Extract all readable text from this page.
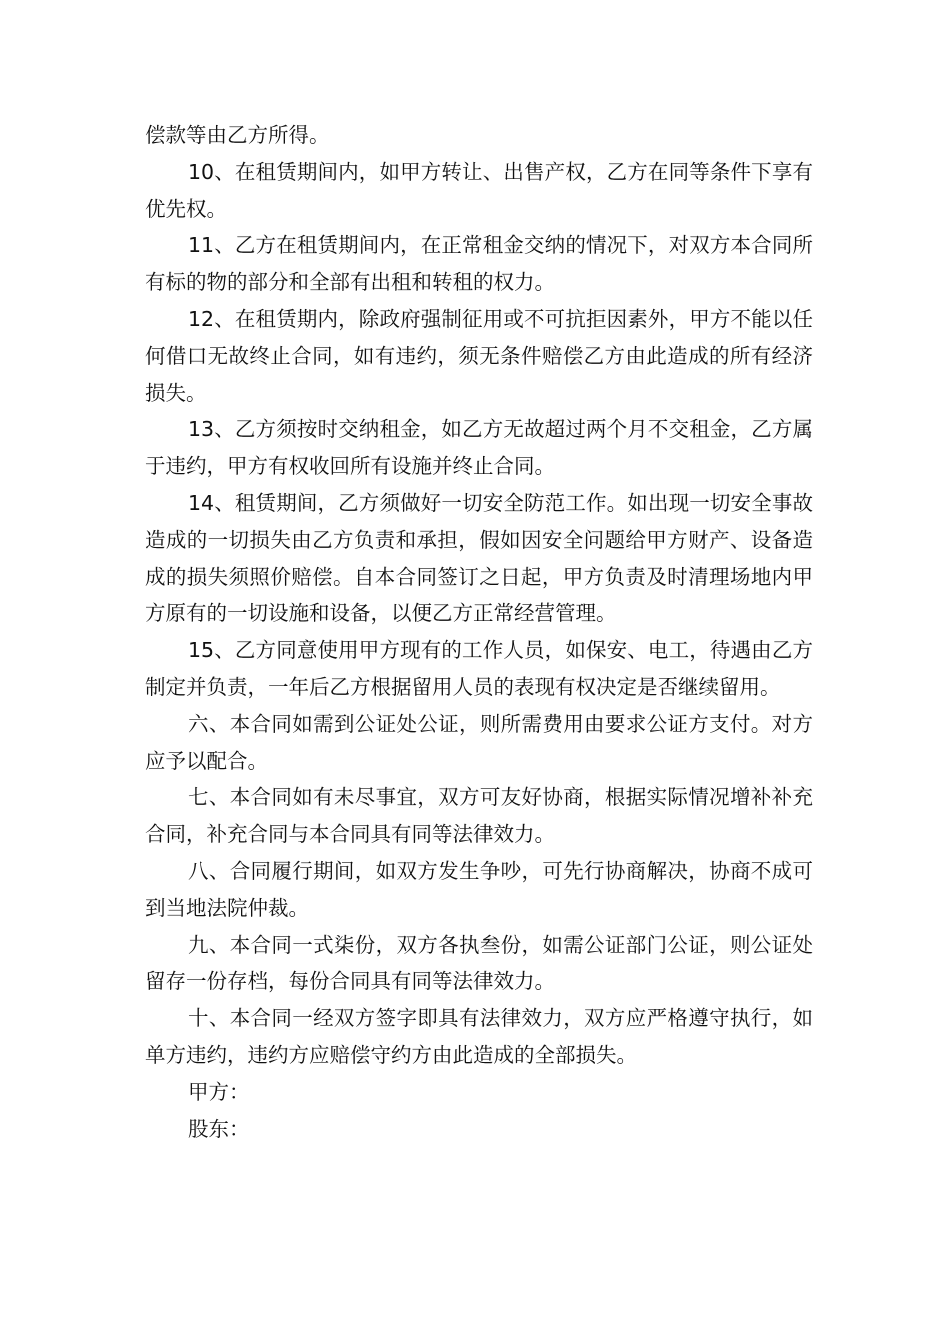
偿款等由乙方所得。

10、在租赁期间内，如甲方转让、出售产权，乙方在同等条件下享有优先权。

11、乙方在租赁期间内，在正常租金交纳的情况下，对双方本合同所有标的物的部分和全部有出租和转租的权力。

12、在租赁期内，除政府强制征用或不可抗拒因素外，甲方不能以任何借口无故终止合同，如有违约，须无条件赔偿乙方由此造成的所有经济损失。

13、乙方须按时交纳租金，如乙方无故超过两个月不交租金，乙方属于违约，甲方有权收回所有设施并终止合同。

14、租赁期间，乙方须做好一切安全防范工作。如出现一切安全事故造成的一切损失由乙方负责和承担，假如因安全问题给甲方财产、设备造成的损失须照价赔偿。自本合同签订之日起，甲方负责及时清理场地内甲方原有的一切设施和设备，以便乙方正常经营管理。

15、乙方同意使用甲方现有的工作人员，如保安、电工，待遇由乙方制定并负责，一年后乙方根据留用人员的表现有权决定是否继续留用。

六、本合同如需到公证处公证，则所需费用由要求公证方支付。对方应予以配合。

七、本合同如有未尽事宜，双方可友好协商，根据实际情况增补补充合同，补充合同与本合同具有同等法律效力。

八、合同履行期间，如双方发生争吵，可先行协商解决，协商不成可到当地法院仲裁。

九、本合同一式柒份，双方各执叁份，如需公证部门公证，则公证处留存一份存档，每份合同具有同等法律效力。

十、本合同一经双方签字即具有法律效力，双方应严格遵守执行，如单方违约，违约方应赔偿守约方由此造成的全部损失。

甲方：

股东：
